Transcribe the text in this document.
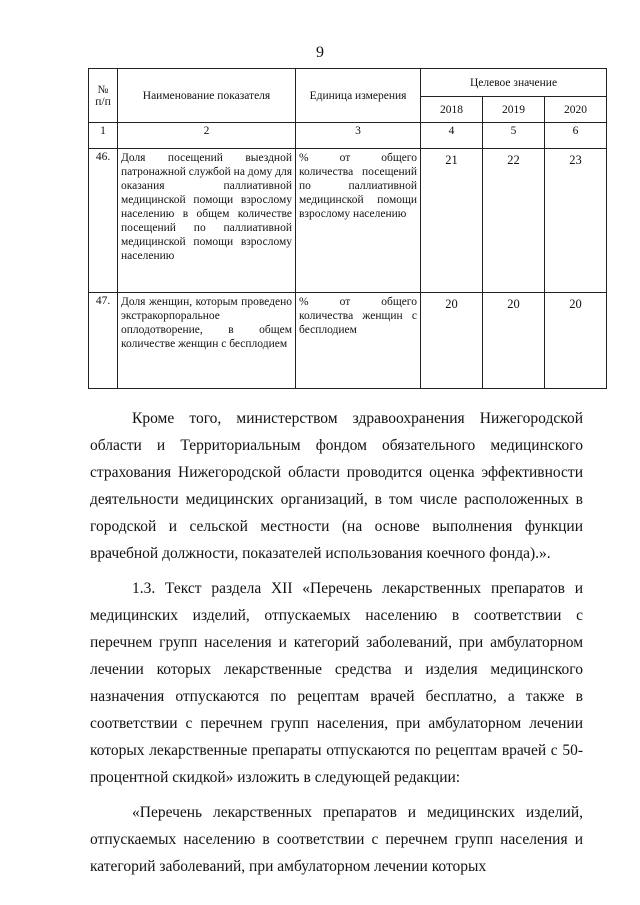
9
№ п/п	Наименование показателя	Единица измерения	Целевое значение		
			2018	2019	2020
1	2	3	4	5	6
46.	Доля посещений выездной патронажной службой на дому для оказания паллиативной медицинской помощи взрослому населению в общем количестве посещений по паллиативной медицинской помощи взрослому населению	% от общего количества посещений по паллиативной медицинской помощи взрослому населению	21	22	23
47.	Доля женщин, которым проведено экстракорпоральное оплодотворение, в общем количестве женщин с бесплодием	% от общего количества женщин с бесплодием	20	20	20

Кроме того, министерством здравоохранения Нижегородской области и Территориальным фондом обязательного медицинского страхования Нижегородской области проводится оценка эффективности деятельности медицинских организаций, в том числе расположенных в городской и сельской местности (на основе выполнения функции врачебной должности, показателей использования коечного фонда).».

1.3. Текст раздела XII «Перечень лекарственных препаратов и медицинских изделий, отпускаемых населению в соответствии с перечнем групп населения и категорий заболеваний, при амбулаторном лечении которых лекарственные средства и изделия медицинского назначения отпускаются по рецептам врачей бесплатно, а также в соответствии с перечнем групп населения, при амбулаторном лечении которых лекарственные препараты отпускаются по рецептам врачей с 50-процентной скидкой» изложить в следующей редакции:

«Перечень лекарственных препаратов и медицинских изделий, отпускаемых населению в соответствии с перечнем групп населения и категорий заболеваний, при амбулаторном лечении которых
